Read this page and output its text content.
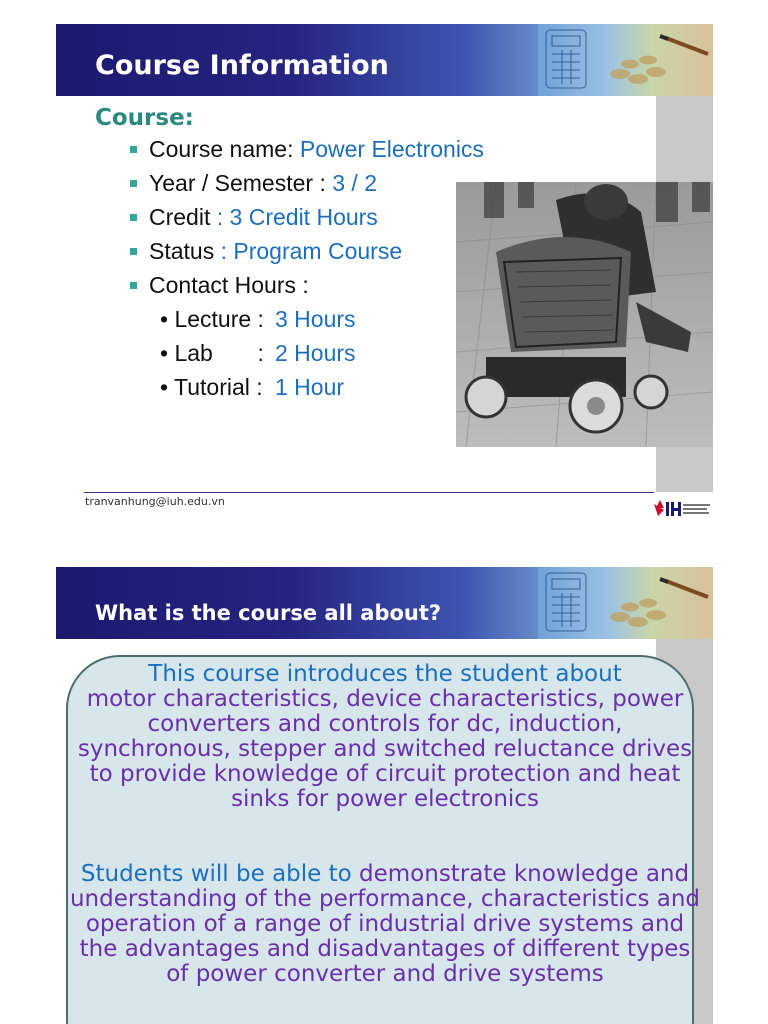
Course Information
Course:
Course name: Power Electronics
Year / Semester : 3 / 2
Credit : 3 Credit Hours
Status : Program Course
Contact Hours :
• Lecture : 3 Hours
• Lab       : 2 Hours
• Tutorial : 1 Hour
tranvanhung@iuh.edu.vn
What is the course all about?
This course introduces the student about
motor characteristics, device characteristics, power converters and controls for dc, induction, synchronous, stepper and switched reluctance drives to provide knowledge of circuit protection and heat sinks for power electronics
Students will be able to demonstrate knowledge and understanding of the performance, characteristics and operation of a range of industrial drive systems and the advantages and disadvantages of different types of power converter and drive systems
